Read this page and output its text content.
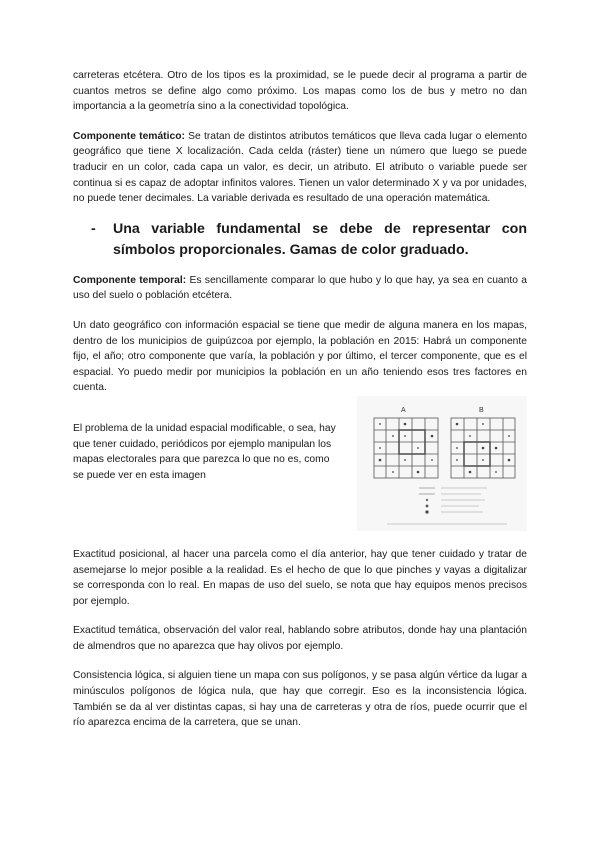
carreteras etcétera. Otro de los tipos es la proximidad, se le puede decir al programa a partir de cuantos metros se define algo como próximo. Los mapas como los de bus y metro no dan importancia a la geometría sino a la conectividad topológica.

Componente temático: Se tratan de distintos atributos temáticos que lleva cada lugar o elemento geográfico que tiene X localización. Cada celda (ráster) tiene un número que luego se puede traducir en un color, cada capa un valor, es decir, un atributo. El atributo o variable puede ser continua si es capaz de adoptar infinitos valores. Tienen un valor determinado X y va por unidades, no puede tener decimales. La variable derivada es resultado de una operación matemática.

-	Una variable fundamental se debe de representar con símbolos proporcionales. Gamas de color graduado.

Componente temporal: Es sencillamente comparar lo que hubo y lo que hay, ya sea en cuanto a uso del suelo o población etcétera.

Un dato geográfico con información espacial se tiene que medir de alguna manera en los mapas, dentro de los municipios de guipúzcoa por ejemplo, la población en 2015: Habrá un componente fijo, el año; otro componente que varía, la población y por último, el tercer componente, que es el espacial. Yo puedo medir por municipios la población en un año teniendo esos tres factores en cuenta.

El problema de la unidad espacial modificable, o sea, hay que tener cuidado, periódicos por ejemplo manipulan los mapas electorales para que parezca lo que no es, como se puede ver en esta imagen

A	B

Exactitud posicional, al hacer una parcela como el día anterior, hay que tener cuidado y tratar de asemejarse lo mejor posible a la realidad. Es el hecho de que lo que pinches y vayas a digitalizar se corresponda con lo real. En mapas de uso del suelo, se nota que hay equipos menos precisos por ejemplo.

Exactitud temática, observación del valor real, hablando sobre atributos, donde hay una plantación de almendros que no aparezca que hay olivos por ejemplo.

Consistencia lógica, si alguien tiene un mapa con sus polígonos, y se pasa algún vértice da lugar a minúsculos polígonos de lógica nula, que hay que corregir. Eso es la inconsistencia lógica. También se da al ver distintas capas, si hay una de carreteras y otra de ríos, puede ocurrir que el río aparezca encima de la carretera, que se unan.
